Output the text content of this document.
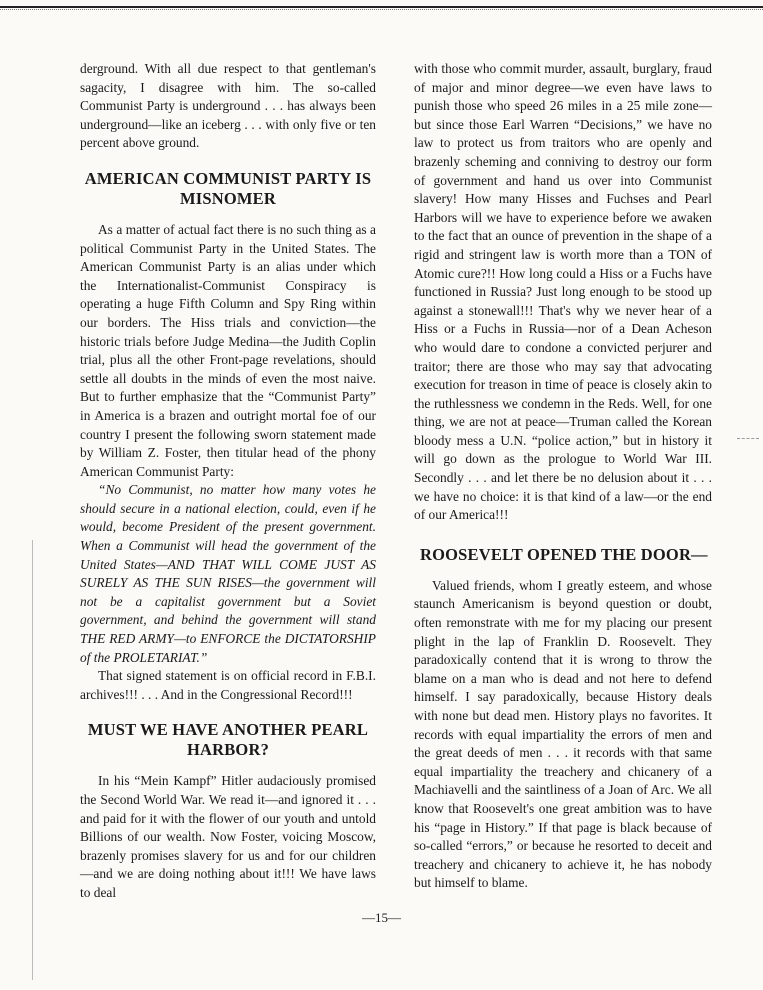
derground. With all due respect to that gentleman's sagacity, I disagree with him. The so-called Communist Party is underground . . . has always been underground—like an iceberg . . . with only five or ten percent above ground.

AMERICAN COMMUNIST PARTY IS MISNOMER

As a matter of actual fact there is no such thing as a political Communist Party in the United States. The American Communist Party is an alias under which the Internationalist-Communist Conspiracy is operating a huge Fifth Column and Spy Ring within our borders. The Hiss trials and conviction—the historic trials before Judge Medina—the Judith Coplin trial, plus all the other Front-page revelations, should settle all doubts in the minds of even the most naive. But to further emphasize that the “Communist Party” in America is a brazen and outright mortal foe of our country I present the following sworn statement made by William Z. Foster, then titular head of the phony American Communist Party:

“No Communist, no matter how many votes he should secure in a national election, could, even if he would, become President of the present government. When a Communist will head the government of the United States—AND THAT WILL COME JUST AS SURELY AS THE SUN RISES—the government will not be a capitalist government but a Soviet government, and behind the government will stand THE RED ARMY—to ENFORCE the DICTATORSHIP of the PROLETARIAT.”

That signed statement is on official record in F.B.I. archives!!! . . . And in the Congressional Record!!!

MUST WE HAVE ANOTHER PEARL HARBOR?

In his “Mein Kampf” Hitler audaciously promised the Second World War. We read it—and ignored it . . . and paid for it with the flower of our youth and untold Billions of our wealth. Now Foster, voicing Moscow, brazenly promises slavery for us and for our children—and we are doing nothing about it!!! We have laws to deal

with those who commit murder, assault, burglary, fraud of major and minor degree—we even have laws to punish those who speed 26 miles in a 25 mile zone—but since those Earl Warren “Decisions,” we have no law to protect us from traitors who are openly and brazenly scheming and conniving to destroy our form of government and hand us over into Communist slavery! How many Hisses and Fuchses and Pearl Harbors will we have to experience before we awaken to the fact that an ounce of prevention in the shape of a rigid and stringent law is worth more than a TON of Atomic cure?!! How long could a Hiss or a Fuchs have functioned in Russia? Just long enough to be stood up against a stonewall!!! That's why we never hear of a Hiss or a Fuchs in Russia—nor of a Dean Acheson who would dare to condone a convicted perjurer and traitor; there are those who may say that advocating execution for treason in time of peace is closely akin to the ruthlessness we condemn in the Reds. Well, for one thing, we are not at peace—Truman called the Korean bloody mess a U.N. “police action,” but in history it will go down as the prologue to World War III. Secondly . . . and let there be no delusion about it . . . we have no choice: it is that kind of a law—or the end of our America!!!

ROOSEVELT OPENED THE DOOR—

Valued friends, whom I greatly esteem, and whose staunch Americanism is beyond question or doubt, often remonstrate with me for my placing our present plight in the lap of Franklin D. Roosevelt. They paradoxically contend that it is wrong to throw the blame on a man who is dead and not here to defend himself. I say paradoxically, because History deals with none but dead men. History plays no favorites. It records with equal impartiality the errors of men and the great deeds of men . . . it records with that same equal impartiality the treachery and chicanery of a Machiavelli and the saintliness of a Joan of Arc. We all know that Roosevelt's one great ambition was to have his “page in History.” If that page is black because of so-called “errors,” or because he resorted to deceit and treachery and chicanery to achieve it, he has nobody but himself to blame.

—15—
